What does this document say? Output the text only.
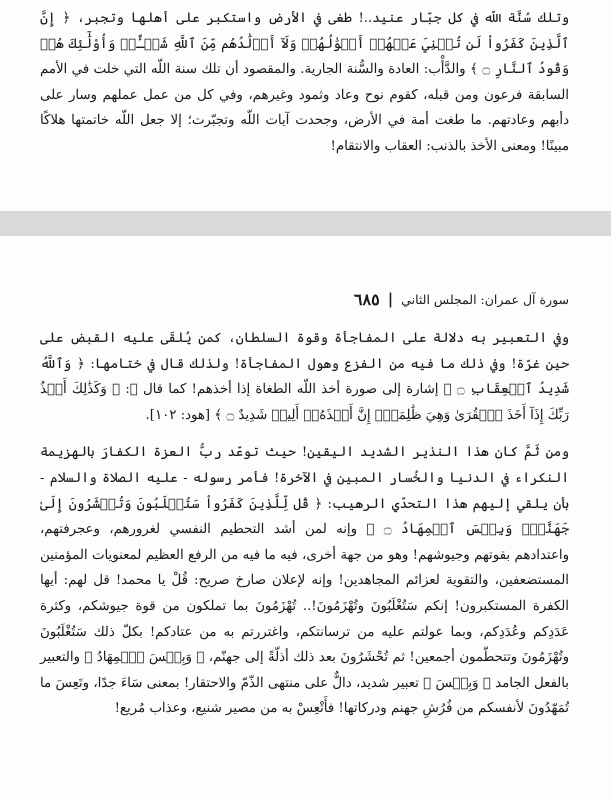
وتلك سُنَّة اللّه في كل جبّار عنيد..! طغى في الأرض واستكبر على أهلها وتجبر، ﴿ إِنَّ ٱلَّذِينَ كَفَرُواْ لَن تُغۡنِيَ عَنۡهُمۡ أَمۡوَٰلُهُمۡ وَلَآ أَوۡلَٰدُهُم مِّنَ ٱللَّهِ شَيۡـًٔاۖ وَأُوْلَٰٓئِكَ هُمۡ وَقُودُ ٱلنَّارِ ۝ ﴾ والدَّأْب: العادة والسُّنة الجارية. والمقصود أن تلك سنة اللّه التي خلت في الأمم السابقة فرعون ومن قبله، كقوم نوح وعاد وثمود وغيرهم، وفي كل من عمل عملهم وسار على دأبهم وعادتهم. ما طغت أمة في الأرض، وجحدت آيات اللّه وتجبّرت؛ إلا جعل اللّه خاتمتها هلاكًا مبينًا! ومعنى الأخذ بالذنب: العقاب والانتقام!

سورة آل عمران: المجلس الثاني
|
٦٨٥

وفي التعبير به دلالة على المفاجأة وقوة السلطان، كمن يُلقَى عليه القبض على حين غرّة! وفي ذلك ما فيه من الفزع وهول المفاجأة! ولذلك قال في ختامها: ﴿ وَٱللَّهُ شَدِيدُ ٱلۡعِقَابِ ۝ ﴾ إشارة إلى صورة أخذ اللّه الطغاة إذا أخذهم! كما قال ﷺ: ﴿ وَكَذَٰلِكَ أَخۡذُ رَبِّكَ إِذَآ أَخَذَ ٱلۡقُرَىٰ وَهِيَ ظَٰلِمَةٌۚ إِنَّ أَخۡذَهُۥٓ أَلِيمٞ شَدِيدٌ ۝ ﴾ [هود: ١٠٢].

ومن ثَمَّ كان هذا النذير الشديد اليقين! حيث توعّد ربُّ العزة الكفارَ بالهزيمة النكراء في الدنيا والخُسار المبين في الآخرة! فأمر رسوله - عليه الصلاة والسلام - بأن يلقي إليهم هذا التحدّي الرهيب: ﴿ قُل لِّلَّذِينَ كَفَرُواْ سَتُغۡلَبُونَ وَتُحۡشَرُونَ إِلَىٰ جَهَنَّمَۖ وَبِئۡسَ ٱلۡمِهَادُ ۝ ﴾ وإنه لمن أشد التحطيم النفسي لغرورهم، وعجرفتهم، واعتدادهم بقوتهم وجيوشهم! وهو من جهة أخرى، فيه ما فيه من الرفع العظيم لمعنويات المؤمنين المستضعفين، والتقوية لعزائم المجاهدين! وإنه لإعلان صارخ صريح: قُلْ يا محمد! قل لهم: أيها الكفرة المستكبرون! إنكم سَتُغْلَبُونَ وتُهْزَمُونَ!.. تُهْزَمُونَ بما تملكون من قوة جيوشكم، وكثرة عَدَدِكم وعُدَدِكم، وبما عولتم عليه من ترسانتكم، واغتررتم به من عتادكم! بكلّ ذلك سَتُغْلَبُونَ وتُهْزَمُونَ وتتحطّمون أجمعين! ثم تُحْشَرُونَ بعد ذلك أذلّةً إلى جهنّم، ﴿ وَبِئۡسَ ٱلۡمِهَادُ ﴾ والتعبير بالفعل الجامد ﴿ وَبِئۡسَ ﴾ تعبير شديد، دالٌّ على منتهى الذّمّ والاحتقار! بمعنى سَاءَ جدًا، وتَعِسَ ما تُمَهّدُونَ لأنفسكم من فُرُشِ جهنم ودركاتها! فأَتْعِسْ به من مصير شنيع، وعذاب مُريع!
